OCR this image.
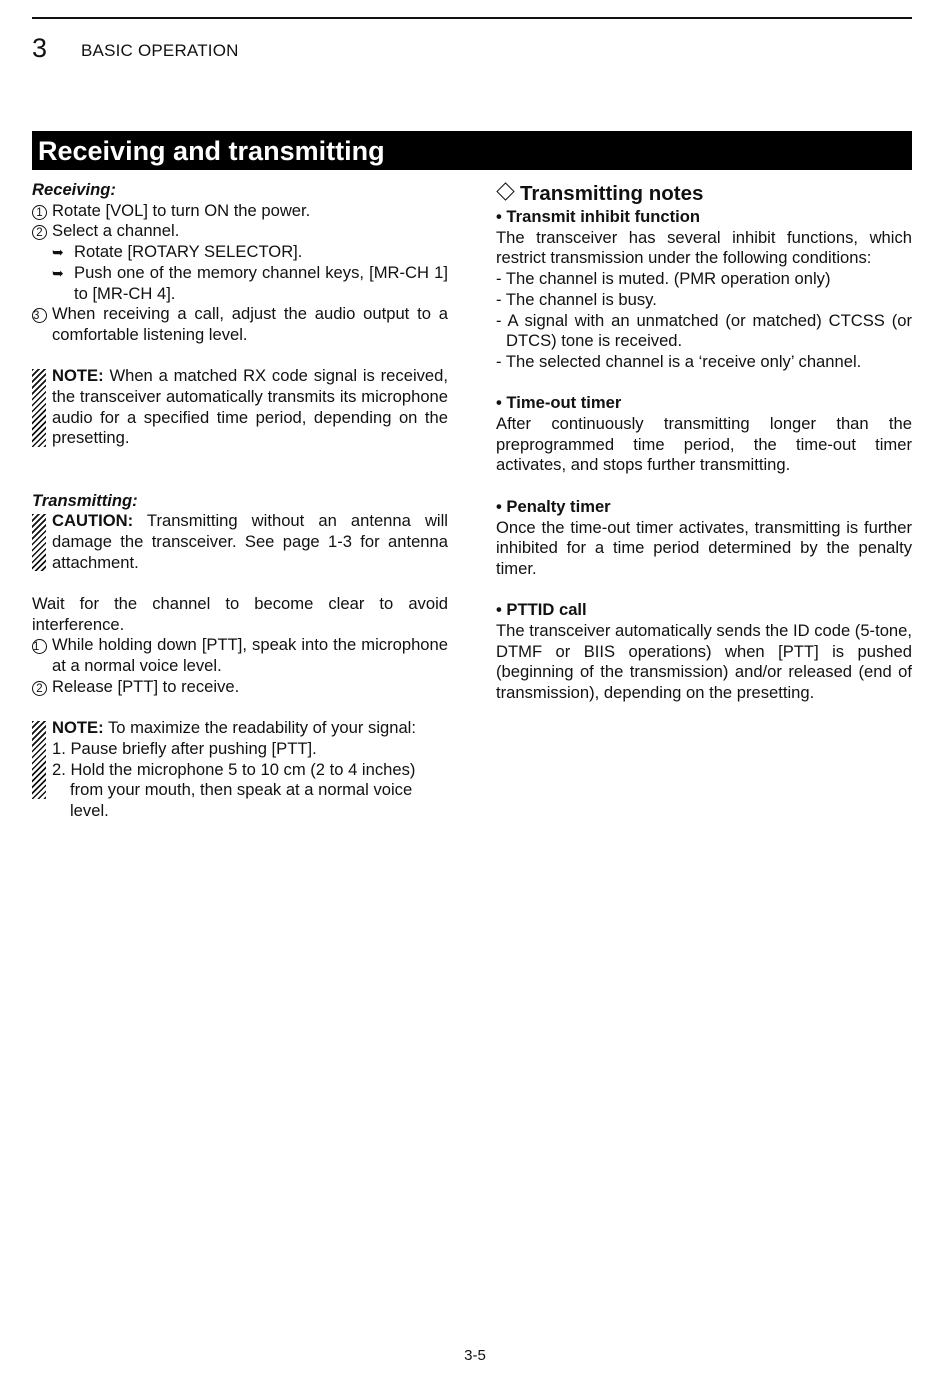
3 BASIC OPERATION
Receiving and transmitting

Receiving:

1 Rotate [VOL] to turn ON the power.

2 Select a channel.

➥ Rotate [ROTARY SELECTOR].

➥ Push one of the memory channel keys, [MR-CH 1] to [MR-CH 4].

3 When receiving a call, adjust the audio output to a comfortable listening level.

NOTE: When a matched RX code signal is received, the transceiver automatically transmits its microphone audio for a specified time period, depending on the presetting.

Transmitting:

CAUTION: Transmitting without an antenna will damage the transceiver. See page 1-3 for antenna attachment.

Wait for the channel to become clear to avoid interference.

1 While holding down [PTT], speak into the microphone at a normal voice level.

2 Release [PTT] to receive.

NOTE: To maximize the readability of your signal:

1. Pause briefly after pushing [PTT].

2. Hold the microphone 5 to 10 cm (2 to 4 inches) from your mouth, then speak at a normal voice level.

Transmitting notes

• Transmit inhibit function

The transceiver has several inhibit functions, which restrict transmission under the following conditions:

- The channel is muted. (PMR operation only)

- The channel is busy.

- A signal with an unmatched (or matched) CTCSS (or DTCS) tone is received.

- The selected channel is a ‘receive only’ channel.

• Time-out timer

After continuously transmitting longer than the preprogrammed time period, the time-out timer activates, and stops further transmitting.

• Penalty timer

Once the time-out timer activates, transmitting is further inhibited for a time period determined by the penalty timer.

• PTTID call

The transceiver automatically sends the ID code (5-tone, DTMF or BIIS operations) when [PTT] is pushed (beginning of the transmission) and/or released (end of transmission), depending on the presetting.

3-5
